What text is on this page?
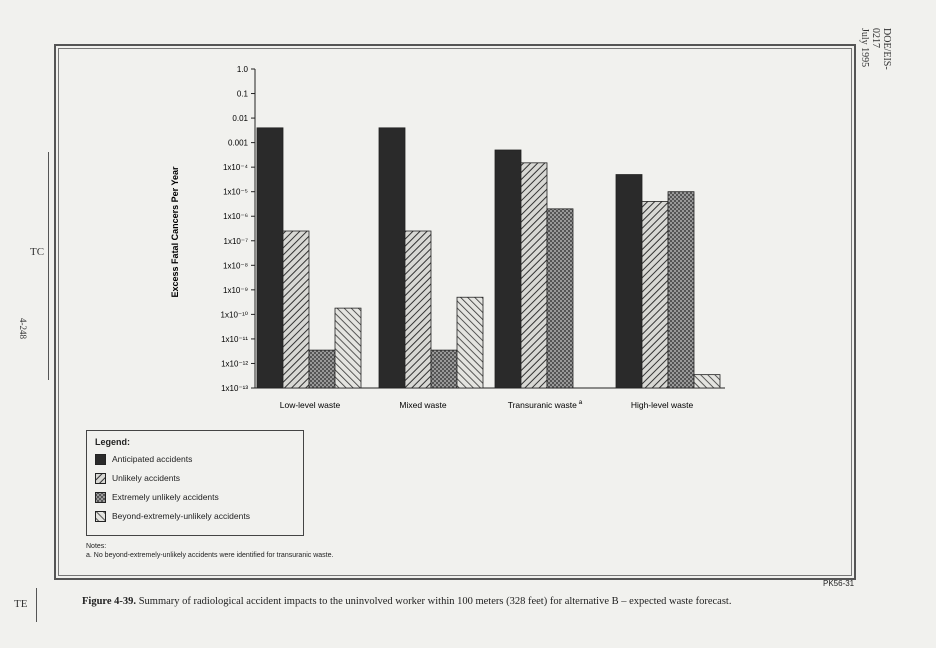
TC
4-248
DOE/EIS-0217
July 1995
Excess Fatal Cancers Per Year
1.0
0.1
0.01
0.001
1x10⁻⁴
1x10⁻⁵
1x10⁻⁶
1x10⁻⁷
1x10⁻⁸
1x10⁻⁹
1x10⁻¹⁰
1x10⁻¹¹
1x10⁻¹²
1x10⁻¹³
Low-level waste	Mixed waste	Transuranic waste $^a$	High-level waste
Legend:
Anticipated accidents
Unlikely accidents
Extremely unlikely accidents
Beyond-extremely-unlikely accidents
Notes:
a. No beyond-extremely-unlikely accidents were identified for transuranic waste.
PK56-31
TE	Figure 4-39. Summary of radiological accident impacts to the uninvolved worker within 100 meters (328 feet) for alternative B – expected waste forecast.
